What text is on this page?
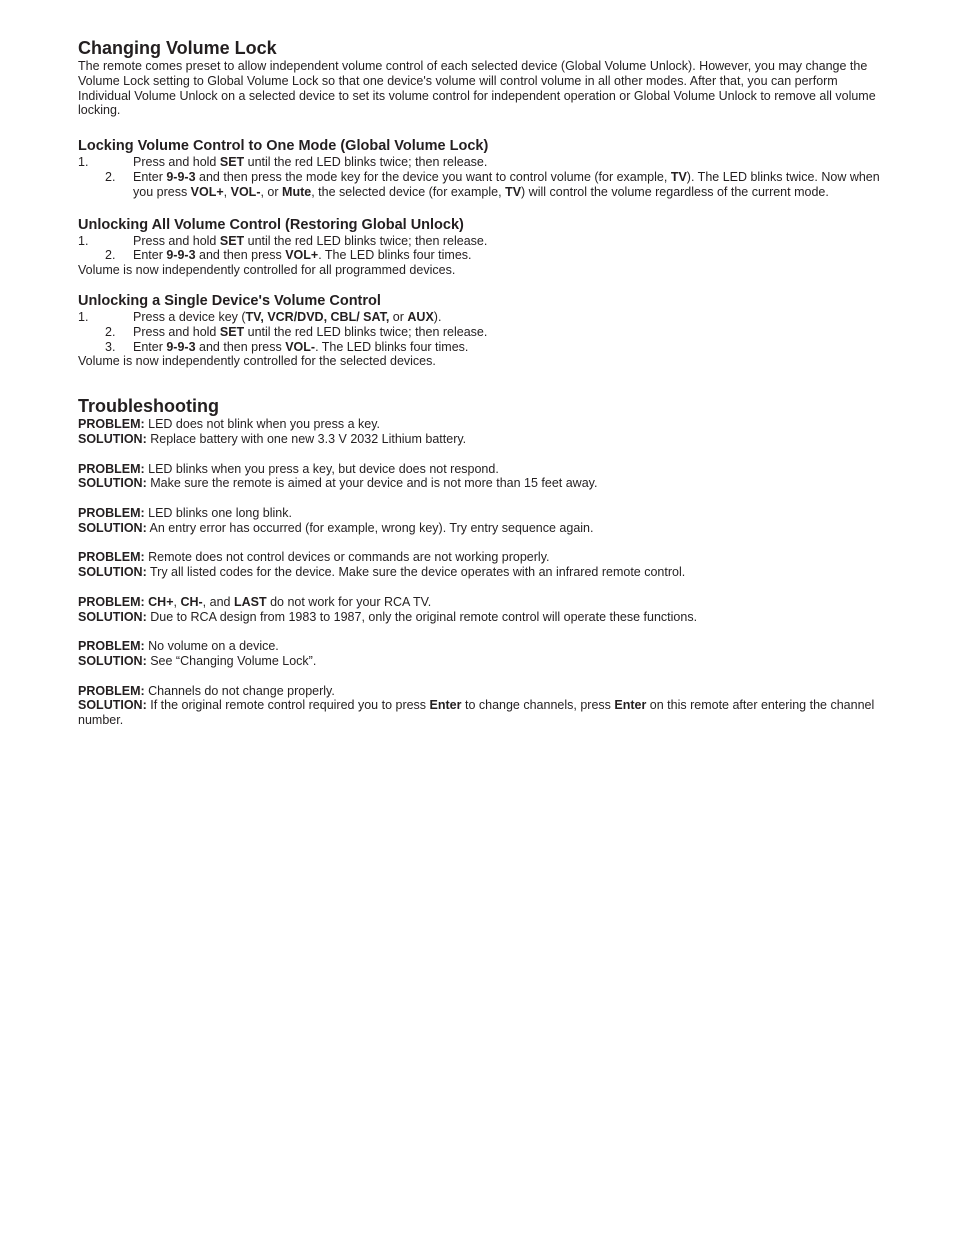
Changing Volume Lock

The remote comes preset to allow independent volume control of each selected device (Global Volume Unlock). However, you may change the Volume Lock setting to Global Volume Lock so that one device's volume will control volume in all other modes. After that, you can perform Individual Volume Unlock on a selected device to set its volume control for independent operation or Global Volume Unlock to remove all volume locking.

Locking Volume Control to One Mode (Global Volume Lock)
1.	Press and hold SET until the red LED blinks twice; then release.
2.	Enter 9-9-3 and then press the mode key for the device you want to control volume (for example, TV). The LED blinks twice. Now when you press VOL+, VOL-, or Mute, the selected device (for example, TV) will control the volume regardless of the current mode.
Unlocking All Volume Control (Restoring Global Unlock)
1.	Press and hold SET until the red LED blinks twice; then release.
2.	Enter 9-9-3 and then press VOL+. The LED blinks four times.

Volume is now independently controlled for all programmed devices.

Unlocking a Single Device's Volume Control
1.	Press a device key (TV, VCR/DVD, CBL/ SAT, or AUX).
2.	Press and hold SET until the red LED blinks twice; then release.
3.	Enter 9-9-3 and then press VOL-. The LED blinks four times.

Volume is now independently controlled for the selected devices.

Troubleshooting

PROBLEM: LED does not blink when you press a key.

SOLUTION: Replace battery with one new 3.3 V 2032 Lithium battery.

PROBLEM: LED blinks when you press a key, but device does not respond.

SOLUTION: Make sure the remote is aimed at your device and is not more than 15 feet away.

PROBLEM: LED blinks one long blink.

SOLUTION: An entry error has occurred (for example, wrong key). Try entry sequence again.

PROBLEM: Remote does not control devices or commands are not working properly.

SOLUTION: Try all listed codes for the device. Make sure the device operates with an infrared remote control.

PROBLEM: CH+, CH-, and LAST do not work for your RCA TV.

SOLUTION: Due to RCA design from 1983 to 1987, only the original remote control will operate these functions.

PROBLEM: No volume on a device.

SOLUTION: See “Changing Volume Lock”.

PROBLEM: Channels do not change properly.

SOLUTION: If the original remote control required you to press Enter to change channels, press Enter on this remote after entering the channel number.
